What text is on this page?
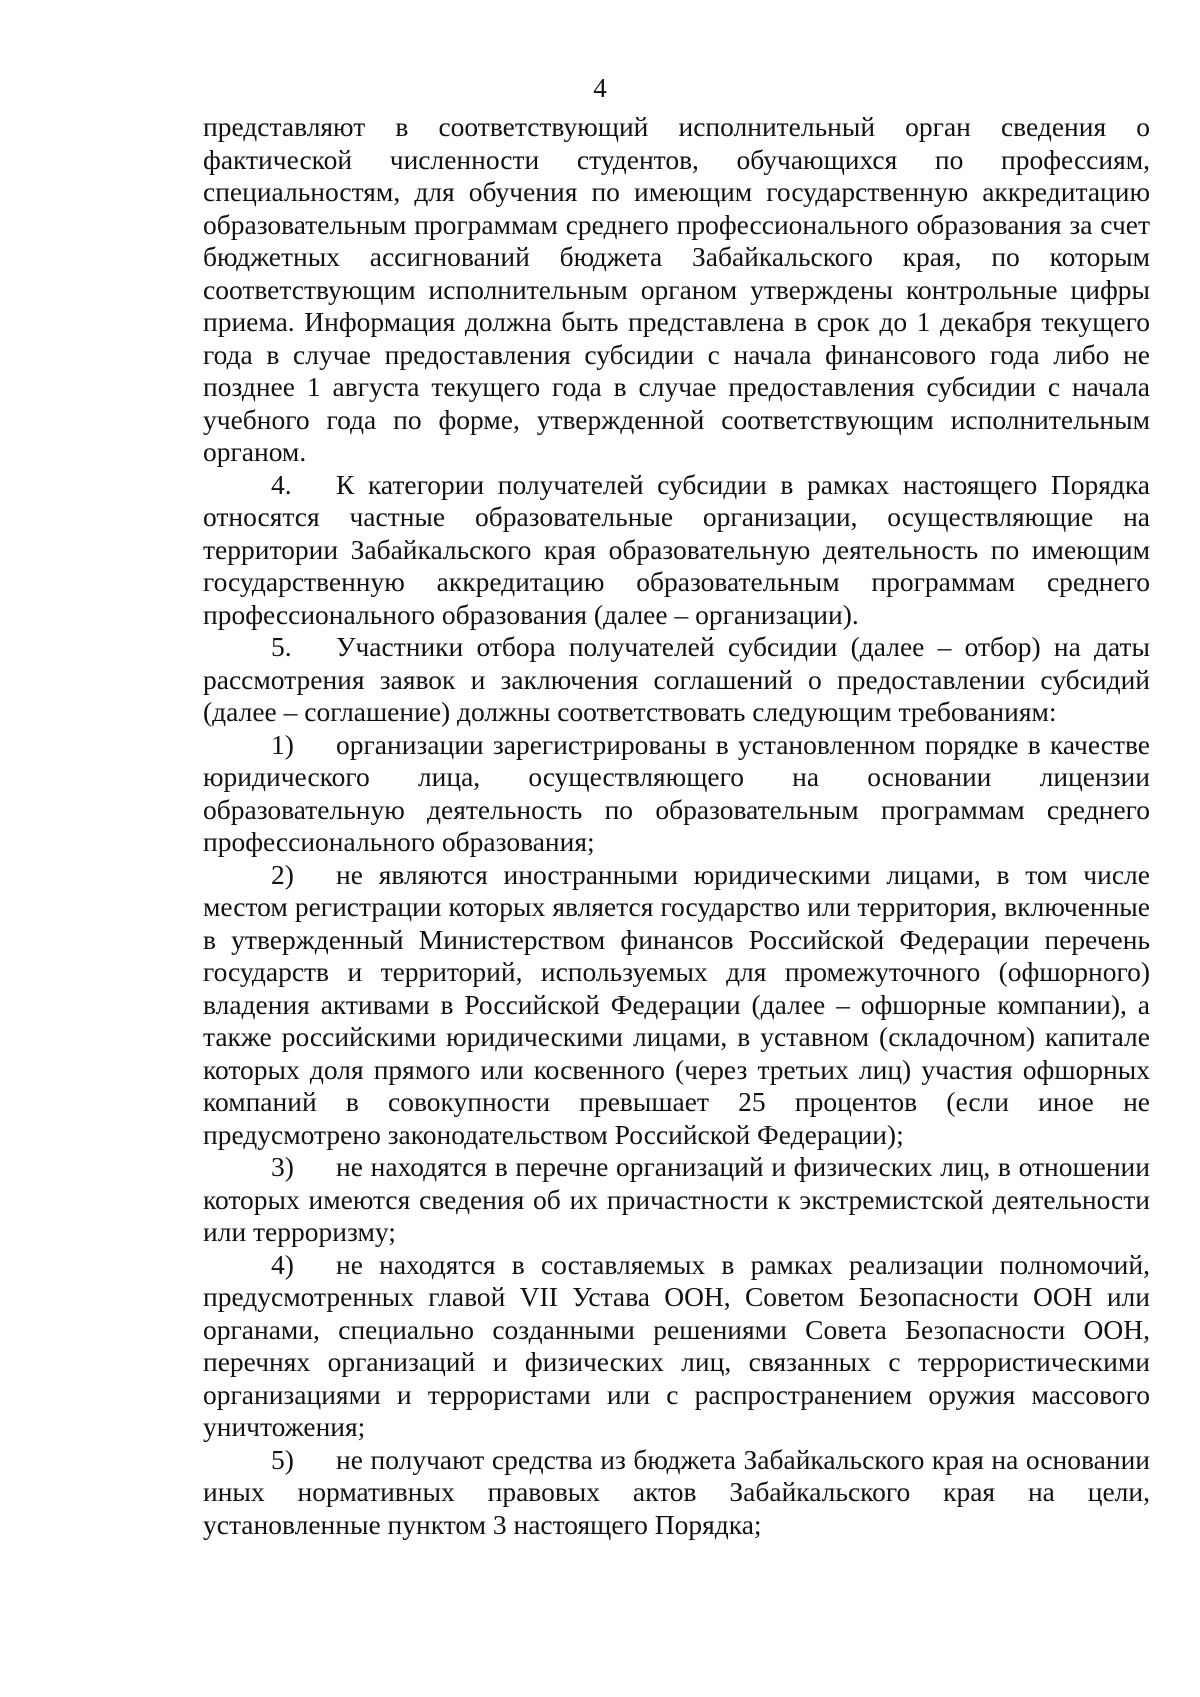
4

представляют в соответствующий исполнительный орган сведения о фактической численности студентов, обучающихся по профессиям, специальностям, для обучения по имеющим государственную аккредитацию образовательным программам среднего профессионального образования за счет бюджетных ассигнований бюджета Забайкальского края, по которым соответствующим исполнительным органом утверждены контрольные цифры приема. Информация должна быть представлена в срок до 1 декабря текущего года в случае предоставления субсидии с начала финансового года либо не позднее 1 августа текущего года в случае предоставления субсидии с начала учебного года по форме, утвержденной соответствующим исполнительным органом.

4. К категории получателей субсидии в рамках настоящего Порядка относятся частные образовательные организации, осуществляющие на территории Забайкальского края образовательную деятельность по имеющим государственную аккредитацию образовательным программам среднего профессионального образования (далее – организации).

5. Участники отбора получателей субсидии (далее – отбор) на даты рассмотрения заявок и заключения соглашений о предоставлении субсидий (далее – соглашение) должны соответствовать следующим требованиям:

1) организации зарегистрированы в установленном порядке в качестве юридического лица, осуществляющего на основании лицензии образовательную деятельность по образовательным программам среднего профессионального образования;

2) не являются иностранными юридическими лицами, в том числе местом регистрации которых является государство или территория, включенные в утвержденный Министерством финансов Российской Федерации перечень государств и территорий, используемых для промежуточного (офшорного) владения активами в Российской Федерации (далее – офшорные компании), а также российскими юридическими лицами, в уставном (складочном) капитале которых доля прямого или косвенного (через третьих лиц) участия офшорных компаний в совокупности превышает 25 процентов (если иное не предусмотрено законодательством Российской Федерации);

3) не находятся в перечне организаций и физических лиц, в отношении которых имеются сведения об их причастности к экстремистской деятельности или терроризму;

4) не находятся в составляемых в рамках реализации полномочий, предусмотренных главой VII Устава ООН, Советом Безопасности ООН или органами, специально созданными решениями Совета Безопасности ООН, перечнях организаций и физических лиц, связанных с террористическими организациями и террористами или с распространением оружия массового уничтожения;

5) не получают средства из бюджета Забайкальского края на основании иных нормативных правовых актов Забайкальского края на цели, установленные пунктом 3 настоящего Порядка;
